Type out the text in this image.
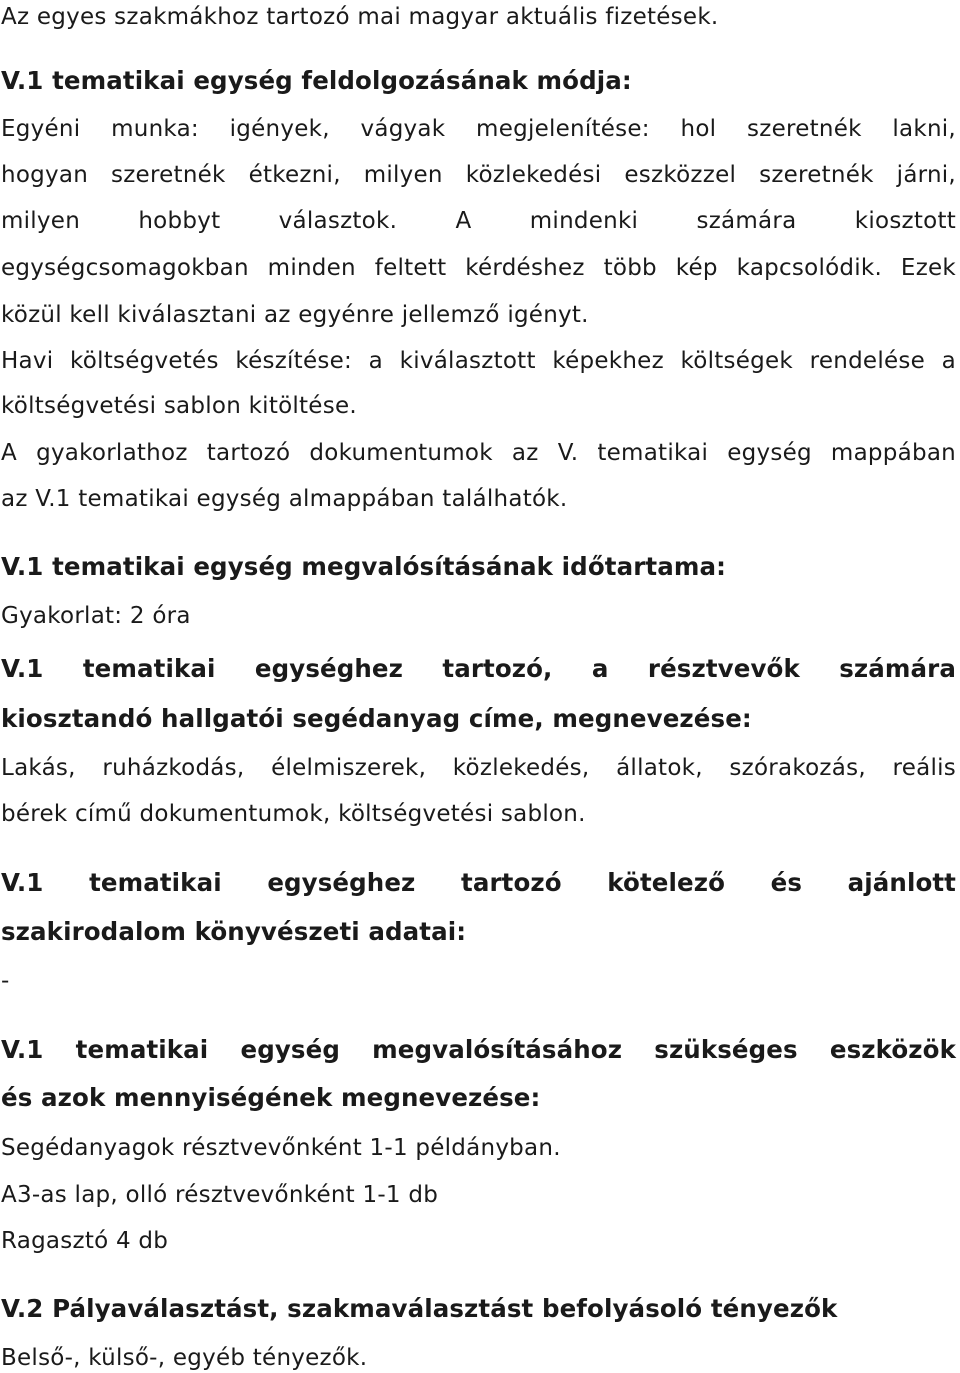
Az egyes szakmákhoz tartozó mai magyar aktuális fizetések.

V.1 tematikai egység feldolgozásának módja:

Egyéni munka: igények, vágyak megjelenítése: hol szeretnék lakni,

hogyan szeretnék étkezni, milyen közlekedési eszközzel szeretnék járni,

milyen hobbyt választok. A mindenki számára kiosztott

egységcsomagokban minden feltett kérdéshez több kép kapcsolódik. Ezek

közül kell kiválasztani az egyénre jellemző igényt.

Havi költségvetés készítése: a kiválasztott képekhez költségek rendelése a

költségvetési sablon kitöltése.

A gyakorlathoz tartozó dokumentumok az V. tematikai egység mappában

az V.1 tematikai egység almappában találhatók.

V.1 tematikai egység megvalósításának időtartama:

Gyakorlat: 2 óra

V.1 tematikai egységhez tartozó, a résztvevők számára

kiosztandó hallgatói segédanyag címe, megnevezése:

Lakás, ruházkodás, élelmiszerek, közlekedés, állatok, szórakozás, reális

bérek című dokumentumok, költségvetési sablon.

V.1 tematikai egységhez tartozó kötelező és ajánlott

szakirodalom könyvészeti adatai:

-

V.1 tematikai egység megvalósításához szükséges eszközök

és azok mennyiségének megnevezése:

Segédanyagok résztvevőnként 1-1 példányban.

A3-as lap, olló résztvevőnként 1-1 db

Ragasztó 4 db

V.2 Pályaválasztást, szakmaválasztást befolyásoló tényezők

Belső-, külső-, egyéb tényezők.
